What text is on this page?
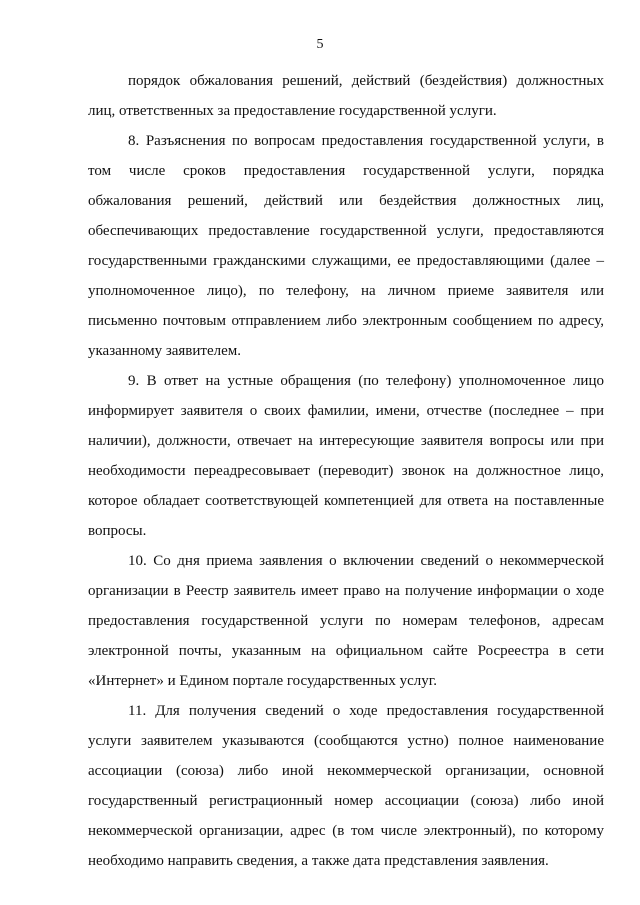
5

порядок обжалования решений, действий (бездействия) должностных лиц, ответственных за предоставление государственной услуги.

8. Разъяснения по вопросам предоставления государственной услуги, в том числе сроков предоставления государственной услуги, порядка обжалования решений, действий или бездействия должностных лиц, обеспечивающих предоставление государственной услуги, предоставляются государственными гражданскими служащими, ее предоставляющими (далее – уполномоченное лицо), по телефону, на личном приеме заявителя или письменно почтовым отправлением либо электронным сообщением по адресу, указанному заявителем.

9. В ответ на устные обращения (по телефону) уполномоченное лицо информирует заявителя о своих фамилии, имени, отчестве (последнее – при наличии), должности, отвечает на интересующие заявителя вопросы или при необходимости переадресовывает (переводит) звонок на должностное лицо, которое обладает соответствующей компетенцией для ответа на поставленные вопросы.

10. Со дня приема заявления о включении сведений о некоммерческой организации в Реестр заявитель имеет право на получение информации о ходе предоставления государственной услуги по номерам телефонов, адресам электронной почты, указанным на официальном сайте Росреестра в сети «Интернет» и Едином портале государственных услуг.

11. Для получения сведений о ходе предоставления государственной услуги заявителем указываются (сообщаются устно) полное наименование ассоциации (союза) либо иной некоммерческой организации, основной государственный регистрационный номер ассоциации (союза) либо иной некоммерческой организации, адрес (в том числе электронный), по которому необходимо направить сведения, а также дата представления заявления.
